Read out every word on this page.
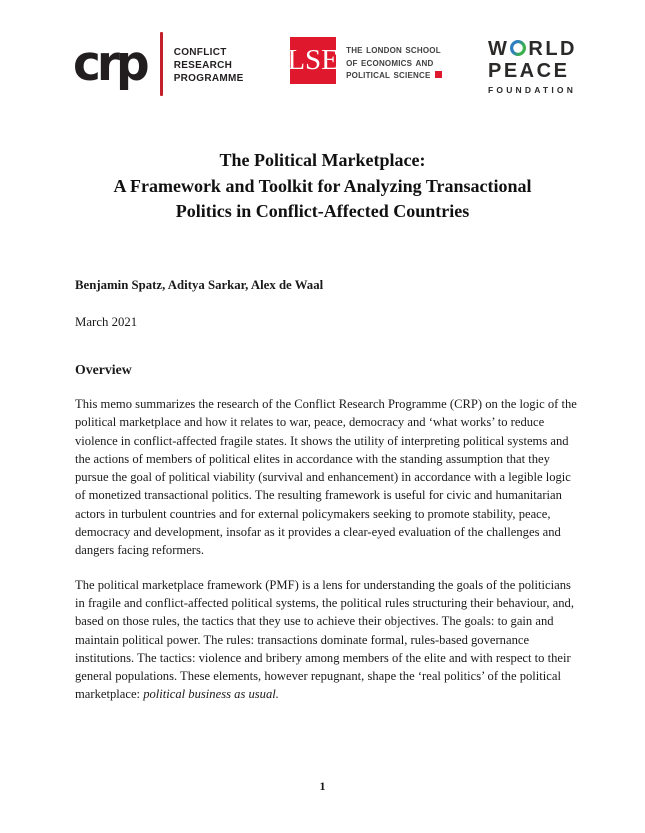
crp	CONFLICT
RESEARCH
PROGRAMME
LSE the london school
of economics and
political science
W RLD
PEACE
FOUNDATION
The Political Marketplace:
A Framework and Toolkit for Analyzing Transactional
Politics in Conflict-Affected Countries

Benjamin Spatz, Aditya Sarkar, Alex de Waal

March 2021

Overview

This memo summarizes the research of the Conflict Research Programme (CRP) on the logic of the political marketplace and how it relates to war, peace, democracy and ‘what works’ to reduce violence in conflict-affected fragile states. It shows the utility of interpreting political systems and the actions of members of political elites in accordance with the standing assumption that they pursue the goal of political viability (survival and enhancement) in accordance with a legible logic of monetized transactional politics. The resulting framework is useful for civic and humanitarian actors in turbulent countries and for external policymakers seeking to promote stability, peace, democracy and development, insofar as it provides a clear-eyed evaluation of the challenges and dangers facing reformers.

The political marketplace framework (PMF) is a lens for understanding the goals of the politicians in fragile and conflict-affected political systems, the political rules structuring their behaviour, and, based on those rules, the tactics that they use to achieve their objectives. The goals: to gain and maintain political power. The rules: transactions dominate formal, rules-based governance institutions. The tactics: violence and bribery among members of the elite and with respect to their general populations. These elements, however repugnant, shape the ‘real politics’ of the political marketplace: political business as usual.

1
